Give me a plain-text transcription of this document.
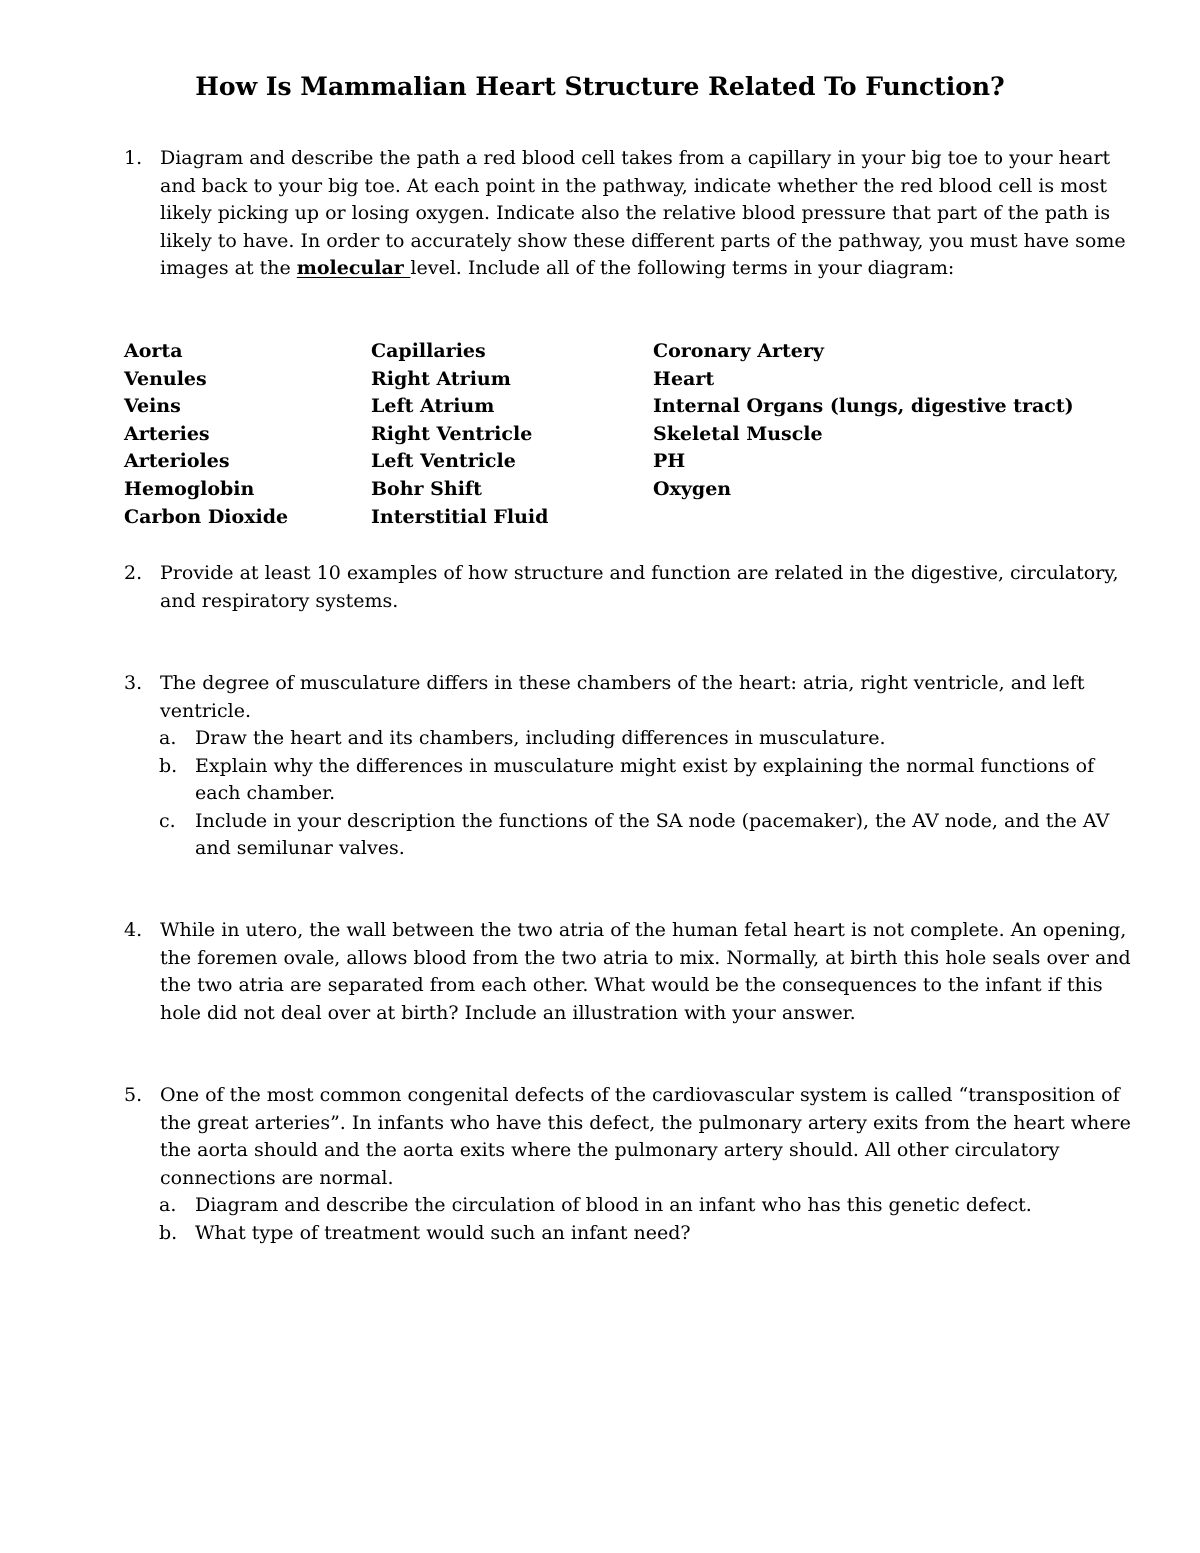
How Is Mammalian Heart Structure Related To Function?
1. Diagram and describe the path a red blood cell takes from a capillary in your big toe to your heart and back to your big toe. At each point in the pathway, indicate whether the red blood cell is most likely picking up or losing oxygen. Indicate also the relative blood pressure that part of the path is likely to have. In order to accurately show these different parts of the pathway, you must have some images at the molecular level. Include all of the following terms in your diagram:
Aorta
Venules
Veins
Arteries
Arterioles
Hemoglobin
Carbon Dioxide
Capillaries
Right Atrium
Left Atrium
Right Ventricle
Left Ventricle
Bohr Shift
Interstitial Fluid
Coronary Artery
Heart
Internal Organs (lungs, digestive tract)
Skeletal Muscle
PH
Oxygen
2. Provide at least 10 examples of how structure and function are related in the digestive, circulatory, and respiratory systems.
3. The degree of musculature differs in these chambers of the heart: atria, right ventricle, and left ventricle.
a. Draw the heart and its chambers, including differences in musculature.
b. Explain why the differences in musculature might exist by explaining the normal functions of each chamber.
c. Include in your description the functions of the SA node (pacemaker), the AV node, and the AV and semilunar valves.
4. While in utero, the wall between the two atria of the human fetal heart is not complete. An opening, the foremen ovale, allows blood from the two atria to mix. Normally, at birth this hole seals over and the two atria are separated from each other. What would be the consequences to the infant if this hole did not deal over at birth? Include an illustration with your answer.
5. One of the most common congenital defects of the cardiovascular system is called “transposition of the great arteries”. In infants who have this defect, the pulmonary artery exits from the heart where the aorta should and the aorta exits where the pulmonary artery should. All other circulatory connections are normal.
a. Diagram and describe the circulation of blood in an infant who has this genetic defect.
b. What type of treatment would such an infant need?
